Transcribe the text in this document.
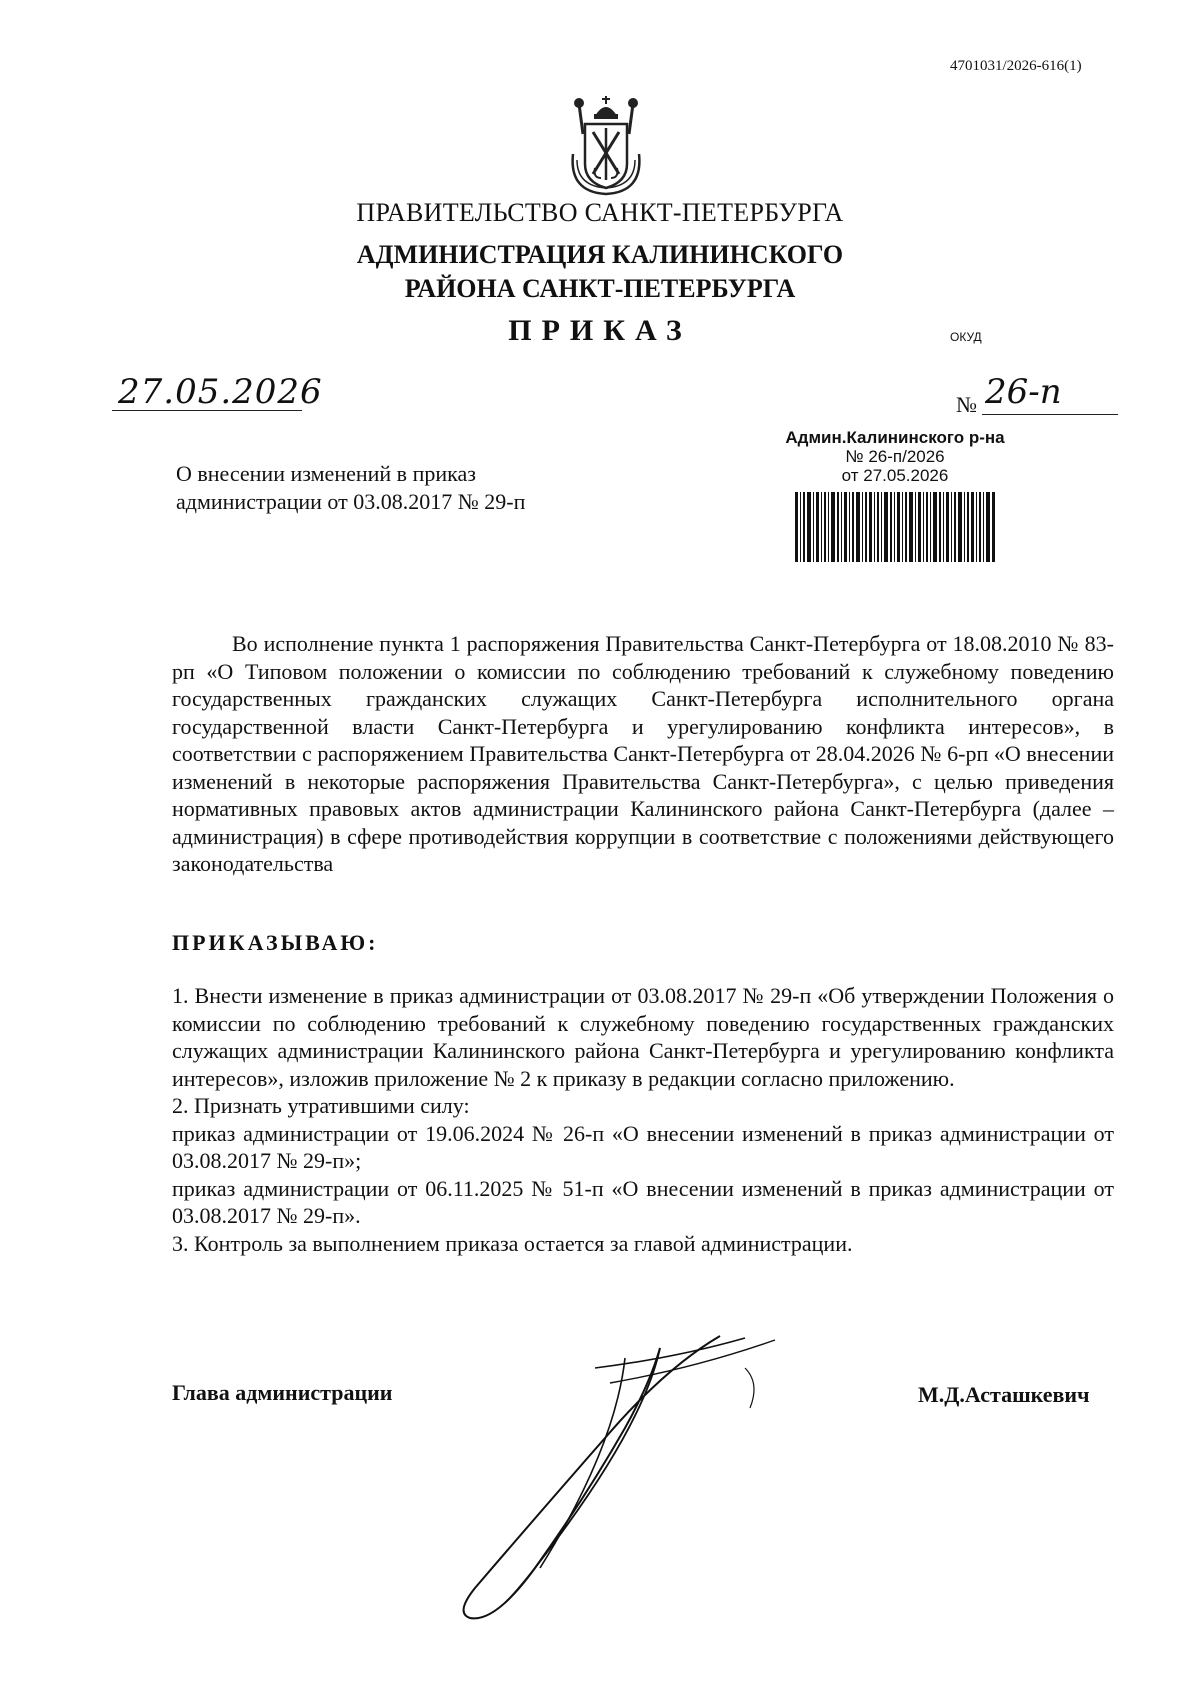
4701031/2026-616(1)
ПРАВИТЕЛЬСТВО САНКТ-ПЕТЕРБУРГА
АДМИНИСТРАЦИЯ КАЛИНИНСКОГО
РАЙОНА САНКТ-ПЕТЕРБУРГА
ПРИКАЗ	ОКУД
27.05.2026	№ 26-п
Админ.Калининского р-на
№ 26-п/2026
от 27.05.2026
О внесении изменений в приказ
администрации от 03.08.2017 № 29-п
Во исполнение пункта 1 распоряжения Правительства Санкт-Петербурга от 18.08.2010 № 83-рп «О Типовом положении о комиссии по соблюдению требований к служебному поведению государственных гражданских служащих Санкт-Петербурга исполнительного органа государственной власти Санкт-Петербурга и урегулированию конфликта интересов», в соответствии с распоряжением Правительства Санкт-Петербурга от 28.04.2026 № 6-рп «О внесении изменений в некоторые распоряжения Правительства Санкт-Петербурга», с целью приведения нормативных правовых актов администрации Калининского района Санкт-Петербурга (далее – администрация) в сфере противодействия коррупции в соответствие с положениями действующего законодательства
ПРИКАЗЫВАЮ:

1. Внести изменение в приказ администрации от 03.08.2017 № 29-п «Об утверждении Положения о комиссии по соблюдению требований к служебному поведению государственных гражданских служащих администрации Калининского района Санкт-Петербурга и урегулированию конфликта интересов», изложив приложение № 2 к приказу в редакции согласно приложению.

2. Признать утратившими силу:

приказ администрации от 19.06.2024 № 26-п «О внесении изменений в приказ администрации от 03.08.2017 № 29-п»;

приказ администрации от 06.11.2025 № 51-п «О внесении изменений в приказ администрации от 03.08.2017 № 29-п».

3. Контроль за выполнением приказа остается за главой администрации.

Глава администрации	М.Д.Асташкевич
